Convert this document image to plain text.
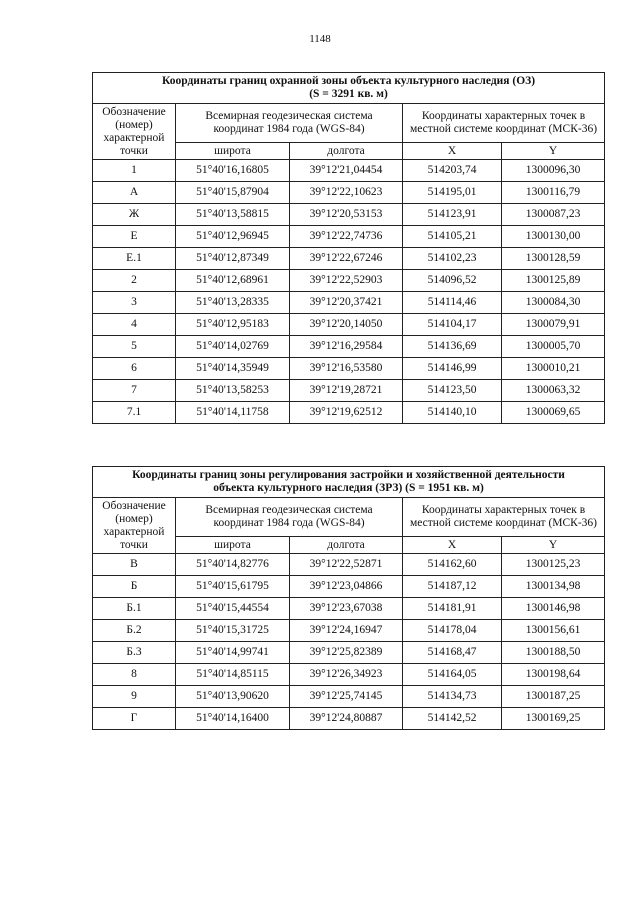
1148
Координаты границ охранной зоны объекта культурного наследия (ОЗ)
(S = 3291 кв. м)				
Обозначение (номер) характерной точки	Всемирная геодезическая система координат 1984 года (WGS-84)		Координаты характерных точек в местной системе координат (МСК-36)	
	широта	долгота	X	Y
1	51°40'16,16805	39°12'21,04454	514203,74	1300096,30
А	51°40'15,87904	39°12'22,10623	514195,01	1300116,79
Ж	51°40'13,58815	39°12'20,53153	514123,91	1300087,23
Е	51°40'12,96945	39°12'22,74736	514105,21	1300130,00
Е.1	51°40'12,87349	39°12'22,67246	514102,23	1300128,59
2	51°40'12,68961	39°12'22,52903	514096,52	1300125,89
3	51°40'13,28335	39°12'20,37421	514114,46	1300084,30
4	51°40'12,95183	39°12'20,14050	514104,17	1300079,91
5	51°40'14,02769	39°12'16,29584	514136,69	1300005,70
6	51°40'14,35949	39°12'16,53580	514146,99	1300010,21
7	51°40'13,58253	39°12'19,28721	514123,50	1300063,32
7.1	51°40'14,11758	39°12'19,62512	514140,10	1300069,65
Координаты границ зоны регулирования застройки и хозяйственной деятельности
объекта культурного наследия (ЗРЗ) (S = 1951 кв. м)				
Обозначение (номер) характерной точки	Всемирная геодезическая система координат 1984 года (WGS-84)		Координаты характерных точек в местной системе координат (МСК-36)	
	широта	долгота	X	Y
В	51°40'14,82776	39°12'22,52871	514162,60	1300125,23
Б	51°40'15,61795	39°12'23,04866	514187,12	1300134,98
Б.1	51°40'15,44554	39°12'23,67038	514181,91	1300146,98
Б.2	51°40'15,31725	39°12'24,16947	514178,04	1300156,61
Б.3	51°40'14,99741	39°12'25,82389	514168,47	1300188,50
8	51°40'14,85115	39°12'26,34923	514164,05	1300198,64
9	51°40'13,90620	39°12'25,74145	514134,73	1300187,25
Г	51°40'14,16400	39°12'24,80887	514142,52	1300169,25
